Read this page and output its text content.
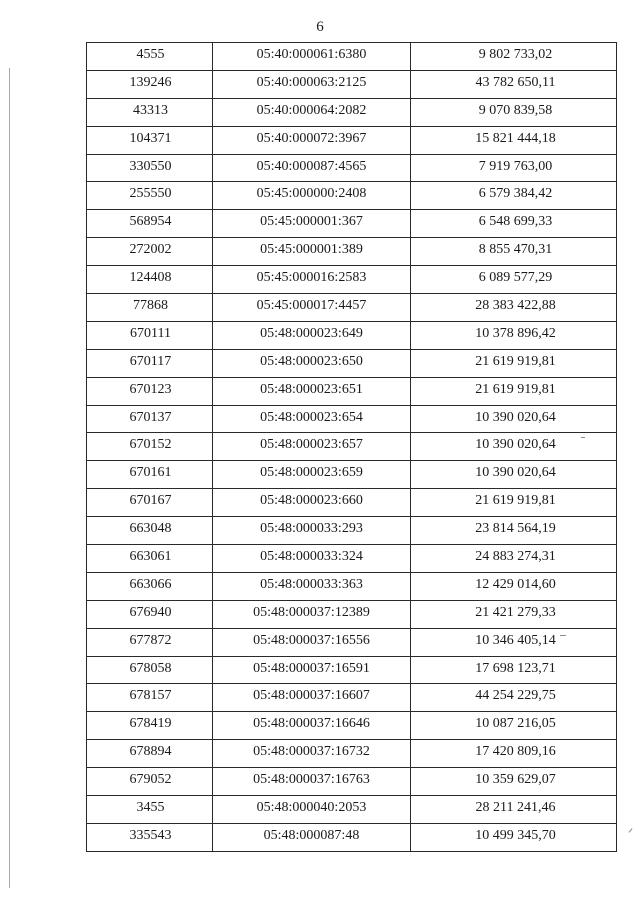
6
4555	05:40:000061:6380	9 802 733,02

139246	05:40:000063:2125	43 782 650,11

43313	05:40:000064:2082	9 070 839,58

104371	05:40:000072:3967	15 821 444,18

330550	05:40:000087:4565	7 919 763,00

255550	05:45:000000:2408	6 579 384,42

568954	05:45:000001:367	6 548 699,33

272002	05:45:000001:389	8 855 470,31

124408	05:45:000016:2583	6 089 577,29

77868	05:45:000017:4457	28 383 422,88

670111	05:48:000023:649	10 378 896,42

670117	05:48:000023:650	21 619 919,81

670123	05:48:000023:651	21 619 919,81

670137	05:48:000023:654	10 390 020,64

670152	05:48:000023:657	10 390 020,64

670161	05:48:000023:659	10 390 020,64

670167	05:48:000023:660	21 619 919,81

663048	05:48:000033:293	23 814 564,19

663061	05:48:000033:324	24 883 274,31

663066	05:48:000033:363	12 429 014,60

676940	05:48:000037:12389	21 421 279,33

677872	05:48:000037:16556	10 346 405,14

678058	05:48:000037:16591	17 698 123,71

678157	05:48:000037:16607	44 254 229,75

678419	05:48:000037:16646	10 087 216,05

678894	05:48:000037:16732	17 420 809,16

679052	05:48:000037:16763	10 359 629,07

3455	05:48:000040:2053	28 211 241,46

335543	05:48:000087:48	10 499 345,70
